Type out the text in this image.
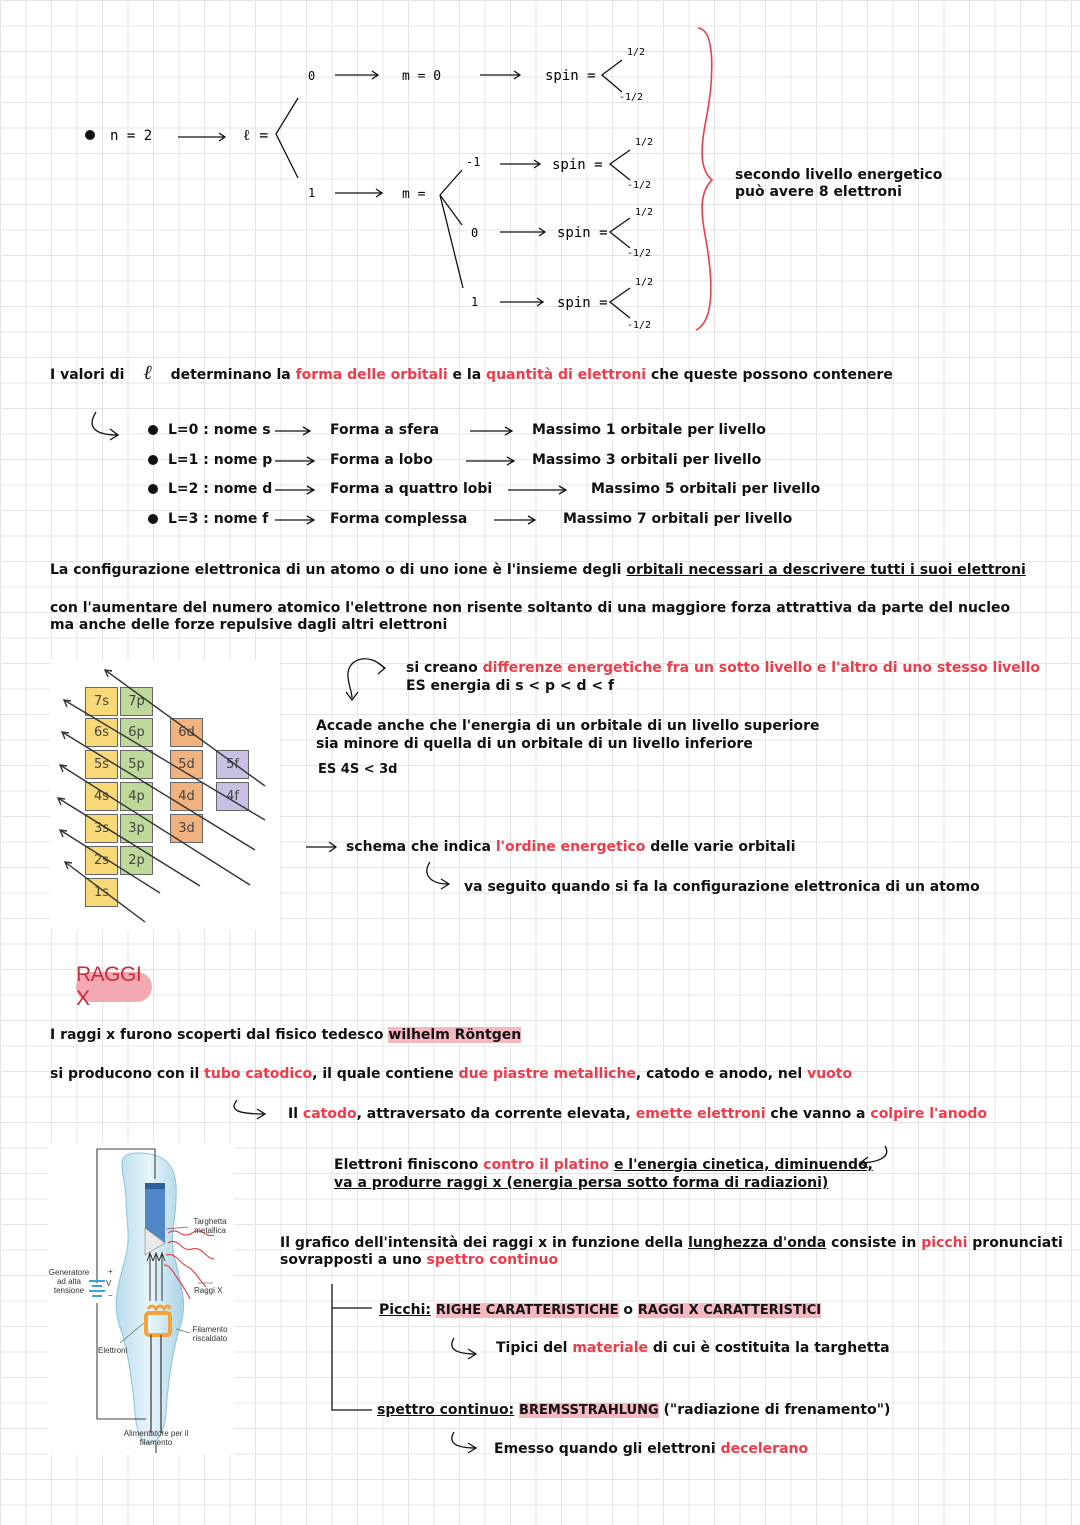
n = 2	ℓ =
0
1
m = 0
m =
-1
0
1
spin =
spin =
spin =
spin =
1/2
-1/2
1/2
-1/2
1/2
-1/2
1/2
-1/2
secondo livello energetico può avere 8 elettroni
I valori di ℓ determinano la forma delle orbitali e la quantità di elettroni che queste possono contenere
L=0 : nome s	Forma a sfera	Massimo 1 orbitale per livello
L=1 : nome p	Forma a lobo	Massimo 3 orbitali per livello
L=2 : nome d	Forma a quattro lobi	Massimo 5 orbitali per livello
L=3 : nome f	Forma complessa	Massimo 7 orbitali per livello
La configurazione elettronica di un atomo o di uno ione è l'insieme degli orbitali necessari a descrivere tutti i suoi elettroni
con l'aumentare del numero atomico l'elettrone non risente soltanto di una maggiore forza attrattiva da parte del nucleo
ma anche delle forze repulsive dagli altri elettroni
7s	7p
6s	6p	6d
5s	5p	5d	5f
4s	4p	4d	4f
3s	3p	3d
2s	2p
1s
si creano differenze energetiche fra un sotto livello e l'altro di uno stesso livello
ES energia di s < p < d < f
Accade anche che l'energia di un orbitale di un livello superiore
sia minore di quella di un orbitale di un livello inferiore
ES 4S < 3d
schema che indica l'ordine energetico delle varie orbitali
va seguito quando si fa la configurazione elettronica di un atomo
RAGGI X
I raggi x furono scoperti dal fisico tedesco wilhelm Röntgen
si producono con il tubo catodico, il quale contiene due piastre metalliche, catodo e anodo, nel vuoto
Il catodo, attraversato da corrente elevata, emette elettroni che vanno a colpire l'anodo
Elettroni finiscono contro il platino e l'energia cinetica, diminuendo,
va a produrre raggi x (energia persa sotto forma di radiazioni)
Il grafico dell'intensità dei raggi x in funzione della lunghezza d'onda consiste in picchi pronunciati
sovrapposti a uno spettro continuo
Picchi: RIGHE CARATTERISTICHE o RAGGI X CARATTERISTICI
Tipici del materiale di cui è costituita la targhetta
spettro continuo: BREMSSTRAHLUNG ("radiazione di frenamento")
Emesso quando gli elettroni decelerano
Targhetta metallica
Generatore ad alta tensione
+
−
V
Raggi X
Filamento riscaldato
Elettroni
Alimentatore per il filamento
